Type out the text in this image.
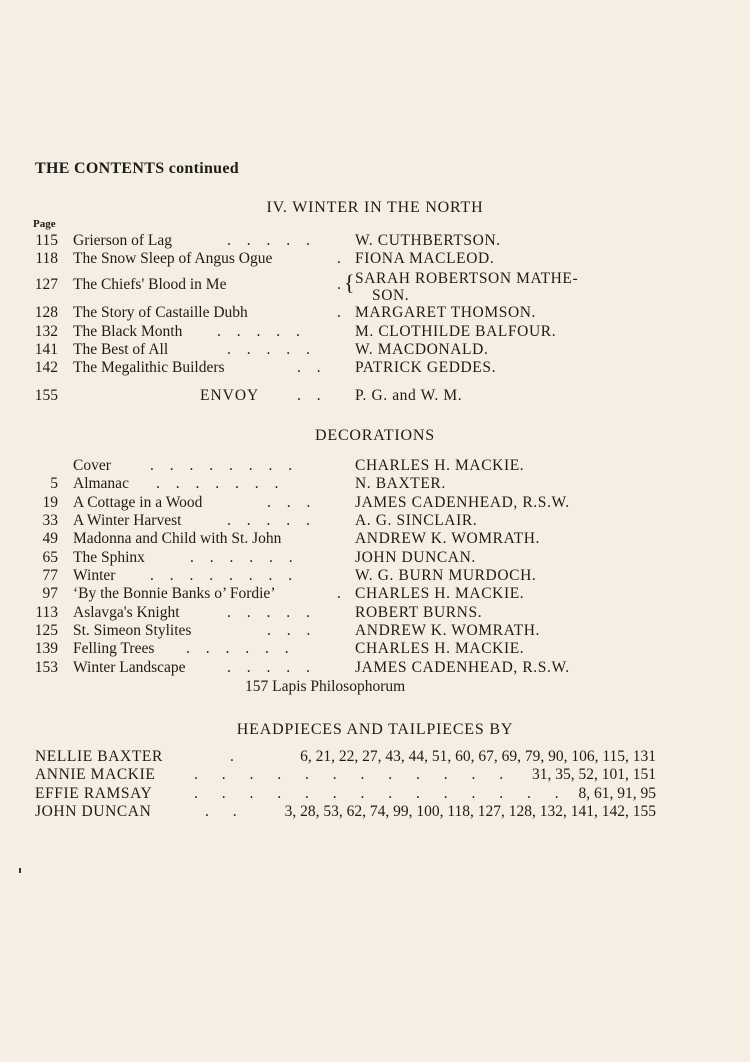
THE CONTENTS continued
IV. WINTER IN THE NORTH
Page
115 Grierson of Lag	. . . . .	W. CUTHBERTSON.
118 The Snow Sleep of Angus Ogue	. FIONA MACLEOD.
127 The Chiefs' Blood in Me	.
{ SARAH ROBERTSON MATHE-
SON.
128 The Story of Castaille Dubh	. MARGARET THOMSON.
132 The Black Month . . . . .	M. CLOTHILDE BALFOUR.
141 The Best of All	. . . . .	W. MACDONALD.
142 The Megalithic Builders	. . PATRICK GEDDES.
155	ENVOY . . P. G. and W. M.
DECORATIONS
Cover	. . . . . . . .	CHARLES H. MACKIE.
5 Almanac . . . . . . .	N. BAXTER.
19 A Cottage in a Wood	. . . JAMES CADENHEAD, R.S.W.
33 A Winter Harvest	. . . . .	A. G. SINCLAIR.
49 Madonna and Child with St. John	ANDREW K. WOMRATH.
65 The Sphinx	. . . . . .	JOHN DUNCAN.
77 Winter . . . . . . . .	W. G. BURN MURDOCH.
97 ‘By the Bonnie Banks o’ Fordie’	. CHARLES H. MACKIE.
113 Aslavga's Knight	. . . . .	ROBERT BURNS.
125 St. Simeon Stylites	. . . ANDREW K. WOMRATH.
139 Felling Trees . . . . . .	CHARLES H. MACKIE.
153 Winter Landscape	. . . . .	JAMES CADENHEAD, R.S.W.
157 Lapis Philosophorum
HEADPIECES AND TAILPIECES BY
NELLIE BAXTER	.	6, 21, 22, 27, 43, 44, 51, 60, 67, 69, 79, 90, 106, 115, 131
ANNIE MACKIE . . . . . . . . . . . . 31, 35, 52, 101, 151
EFFIE RAMSAY	. . . . . . . . . . . . . . 8, 61, 91, 95
JOHN DUNCAN	. . 3, 28, 53, 62, 74, 99, 100, 118, 127, 128, 132, 141, 142, 155
